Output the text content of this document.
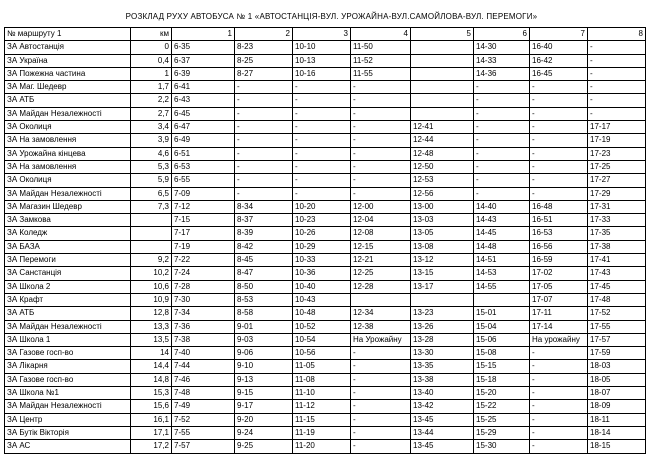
РОЗКЛАД РУХУ АВТОБУСА № 1 «АВТОСТАНЦІЯ-ВУЛ. УРОЖАЙНА-ВУЛ.САМОЙЛОВА-ВУЛ. ПЕРЕМОГИ»
№ маршруту 1	км	1	2	3	4	5	6	7	8
ЗА Автостанція	0	6-35	8-23	10-10	11-50		14-30	16-40	-
ЗА Україна	0,4	6-37	8-25	10-13	11-52		14-33	16-42	-
ЗА Пожежна частина	1	6-39	8-27	10-16	11-55		14-36	16-45	-
ЗА Маг. Шедевр	1,7	6-41	-	-	-		-	-	-
ЗА АТБ	2,2	6-43	-	-	-		-	-	-
ЗА Майдан Незалежності	2,7	6-45	-	-	-		-	-	-
ЗА Околиця	3,4	6-47	-	-	-	12-41	-	-	17-17
ЗА На замовлення	3,9	6-49	-	-	-	12-44	-	-	17-19
ЗА Урожайна кінцева	4,6	6-51	-	-	-	12-48	-	-	17-23
ЗА На замовлення	5,3	6-53	-	-	-	12-50	-	-	17-25
ЗА Околиця	5,9	6-55	-	-	-	12-53	-	-	17-27
ЗА Майдан Незалежності	6,5	7-09	-	-	-	12-56	-	-	17-29
ЗА Магазин Шедевр	7,3	7-12	8-34	10-20	12-00	13-00	14-40	16-48	17-31
ЗА Замкова		7-15	8-37	10-23	12-04	13-03	14-43	16-51	17-33
ЗА Коледж		7-17	8-39	10-26	12-08	13-05	14-45	16-53	17-35
ЗА БАЗА		7-19	8-42	10-29	12-15	13-08	14-48	16-56	17-38
ЗА Перемоги	9,2	7-22	8-45	10-33	12-21	13-12	14-51	16-59	17-41
ЗА Санстанція	10,2	7-24	8-47	10-36	12-25	13-15	14-53	17-02	17-43
ЗА Школа 2	10,6	7-28	8-50	10-40	12-28	13-17	14-55	17-05	17-45
ЗА Крафт	10,9	7-30	8-53	10-43				17-07	17-48
ЗА АТБ	12,8	7-34	8-58	10-48	12-34	13-23	15-01	17-11	17-52
ЗА Майдан Незалежності	13,3	7-36	9-01	10-52	12-38	13-26	15-04	17-14	17-55
ЗА Школа 1	13,5	7-38	9-03	10-54	На Урожайну	13-28	15-06	На урожайну	17-57
ЗА Газове госп-во	14	7-40	9-06	10-56	-	13-30	15-08	-	17-59
ЗА Лікарня	14,4	7-44	9-10	11-05	-	13-35	15-15	-	18-03
ЗА Газове госп-во	14,8	7-46	9-13	11-08	-	13-38	15-18	-	18-05
ЗА Школа №1	15,3	7-48	9-15	11-10	-	13-40	15-20	-	18-07
ЗА Майдан Незалежності	15,6	7-49	9-17	11-12	-	13-42	15-22	-	18-09
ЗА Центр	16,1	7-52	9-20	11-15	-	13-45	15-25	-	18-11
ЗА Бутік Вікторія	17,1	7-55	9-24	11-19	-	13-44	15-29	-	18-14
ЗА АС	17,2	7-57	9-25	11-20	-	13-45	15-30	-	18-15
